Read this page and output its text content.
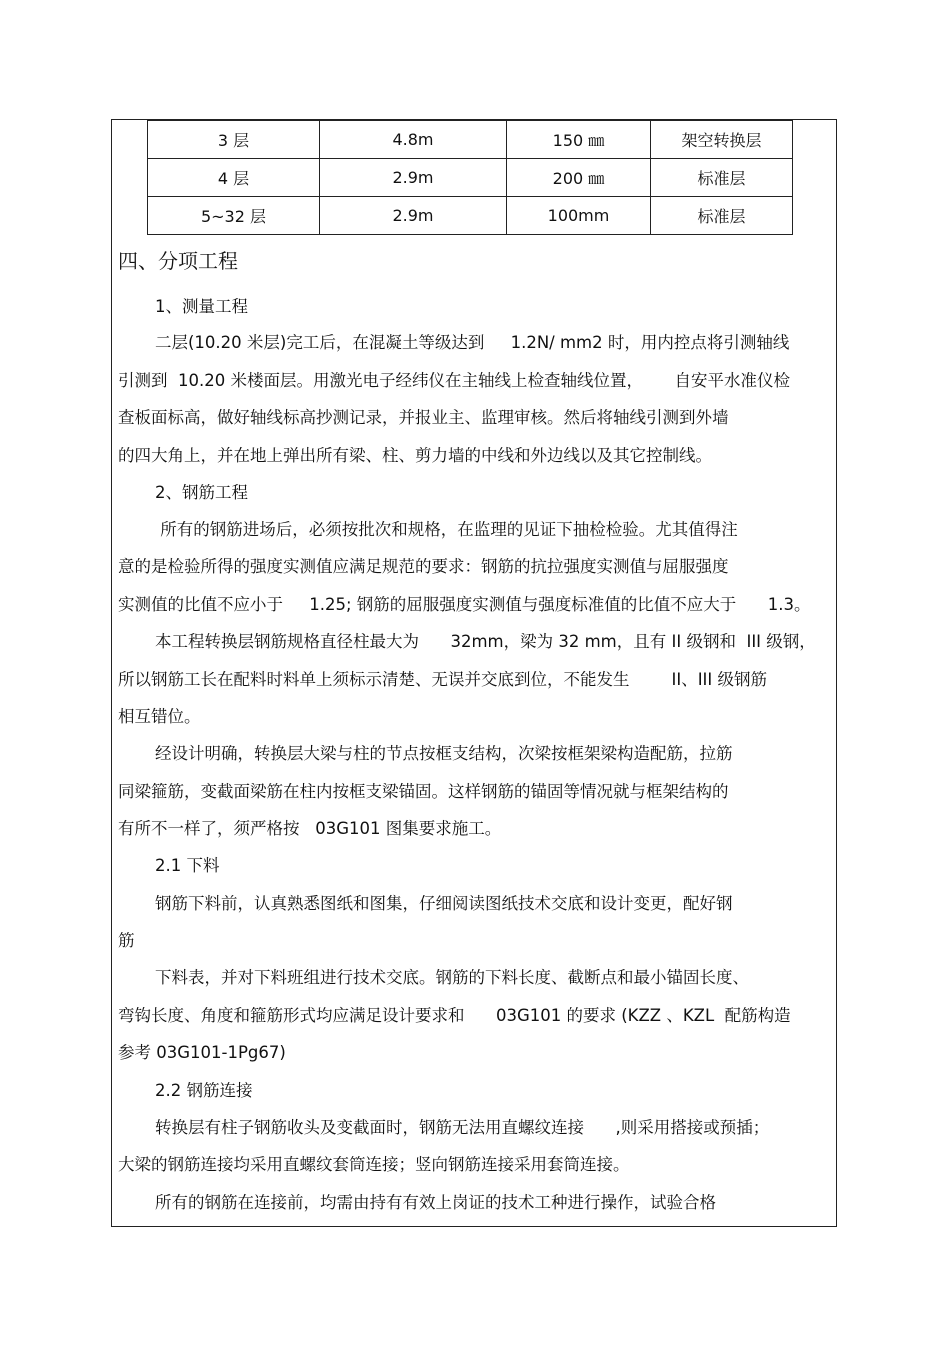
3 层	4.8m	150 ㎜	架空转换层
4 层	2.9m	200 ㎜	标准层
5~32 层	2.9m	100mm	标准层
四、分项工程
1、测量工程
二层(10.20 米层)完工后，在混凝土等级达到     1.2N/ mm2 时，用内控点将引测轴线
引测到  10.20 米楼面层。用激光电子经纬仪在主轴线上检查轴线位置，      自安平水准仪检
查板面标高，做好轴线标高抄测记录，并报业主、监理审核。然后将轴线引测到外墙
的四大角上，并在地上弹出所有梁、柱、剪力墙的中线和外边线以及其它控制线。
2、钢筋工程
所有的钢筋进场后，必须按批次和规格，在监理的见证下抽检检验。尤其值得注
意的是检验所得的强度实测值应满足规范的要求：钢筋的抗拉强度实测值与屈服强度
实测值的比值不应小于     1.25; 钢筋的屈服强度实测值与强度标准值的比值不应大于      1.3。
本工程转换层钢筋规格直径柱最大为      32mm，梁为 32 mm，且有 II 级钢和  III 级钢，
所以钢筋工长在配料时料单上须标示清楚、无误并交底到位，不能发生        II、III 级钢筋
相互错位。
经设计明确，转换层大梁与柱的节点按框支结构，次梁按框架梁构造配筋，拉筋
同梁箍筋，变截面梁筋在柱内按框支梁锚固。这样钢筋的锚固等情况就与框架结构的
有所不一样了，须严格按   03G101 图集要求施工。
2.1 下料
钢筋下料前，认真熟悉图纸和图集，仔细阅读图纸技术交底和设计变更，配好钢
筋
下料表，并对下料班组进行技术交底。钢筋的下料长度、截断点和最小锚固长度、
弯钩长度、角度和箍筋形式均应满足设计要求和      03G101 的要求 (KZZ 、KZL  配筋构造
参考 03G101-1Pg67)
2.2 钢筋连接
转换层有柱子钢筋收头及变截面时，钢筋无法用直螺纹连接      ,则采用搭接或预插；
大梁的钢筋连接均采用直螺纹套筒连接；竖向钢筋连接采用套筒连接。
所有的钢筋在连接前，均需由持有有效上岗证的技术工种进行操作，试验合格
